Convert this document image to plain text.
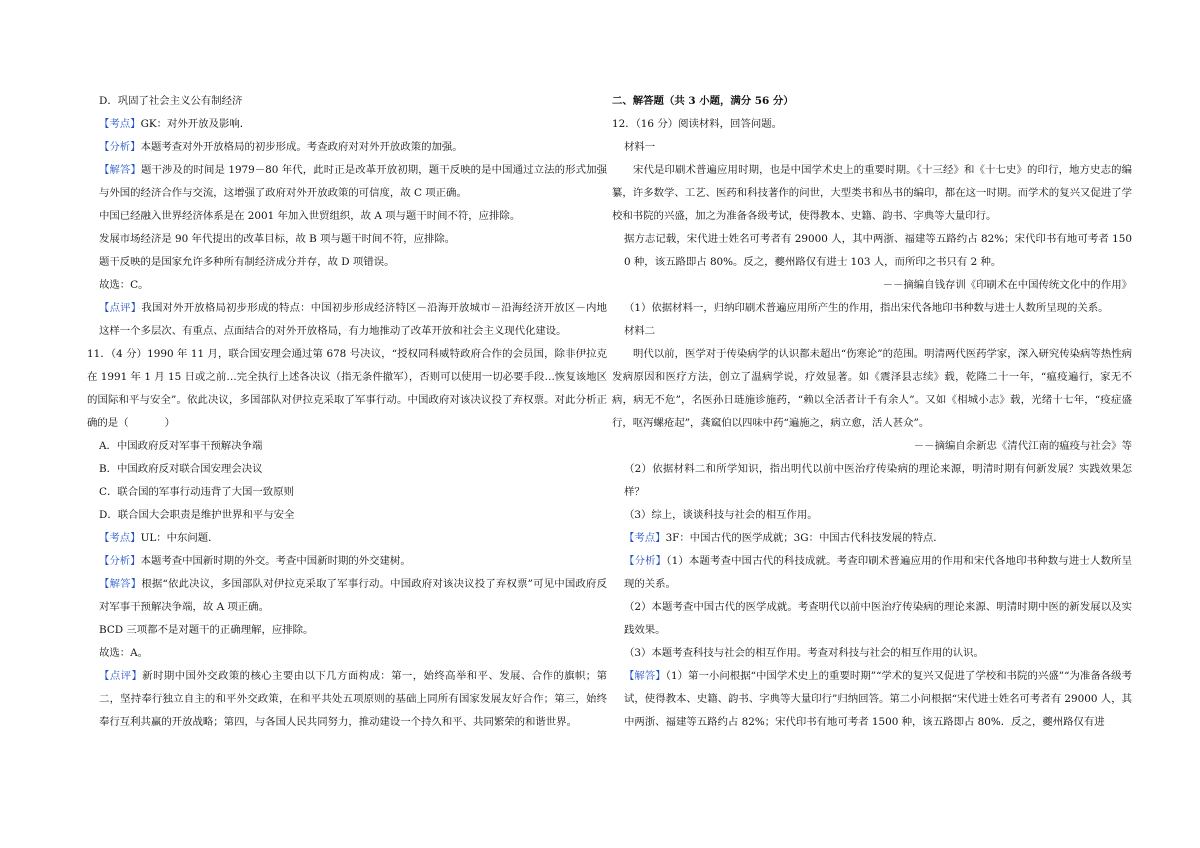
D．巩固了社会主义公有制经济

【考点】GK：对外开放及影响．

【分析】本题考查对外开放格局的初步形成。考查政府对对外开放政策的加强。

【解答】题干涉及的时间是 1979－80 年代，此时正是改革开放初期，题干反映的是中国通过立法的形式加强与外国的经济合作与交流，这增强了政府对外开放政策的可信度，故 C 项正确。

中国已经融入世界经济体系是在 2001 年加入世贸组织，故 A 项与题干时间不符，应排除。

发展市场经济是 90 年代提出的改革目标，故 B 项与题干时间不符，应排除。

题干反映的是国家允许多种所有制经济成分并存，故 D 项错误。

故选：C。

【点评】我国对外开放格局初步形成的特点：中国初步形成经济特区－沿海开放城市－沿海经济开放区－内地这样一个多层次、有重点、点面结合的对外开放格局，有力地推动了改革开放和社会主义现代化建设。

11．（4 分）1990 年 11 月，联合国安理会通过第 678 号决议，“授权同科威特政府合作的会员国，除非伊拉克在 1991 年 1 月 15 日或之前…完全执行上述各决议（指无条件撤军），否则可以使用一切必要手段…恢复该地区的国际和平与安全”。依此决议，多国部队对伊拉克采取了军事行动。中国政府对该决议投了弃权票。对此分析正确的是（	）

A．中国政府反对军事干预解决争端

B．中国政府反对联合国安理会决议

C．联合国的军事行动违背了大国一致原则

D．联合国大会职责是维护世界和平与安全

【考点】UL：中东问题．

【分析】本题考查中国新时期的外交。考查中国新时期的外交建树。

【解答】根据“依此决议，多国部队对伊拉克采取了军事行动。中国政府对该决议投了弃权票”可见中国政府反对军事干预解决争端，故 A 项正确。

BCD 三项都不是对题干的正确理解，应排除。

故选：A。

【点评】新时期中国外交政策的核心主要由以下几方面构成：第一，始终高举和平、发展、合作的旗帜；第二，坚持奉行独立自主的和平外交政策，在和平共处五项原则的基础上同所有国家发展友好合作；第三，始终奉行互利共赢的开放战略；第四，与各国人民共同努力，推动建设一个持久和平、共同繁荣的和谐世界。

二、解答题（共 3 小题，满分 56 分）

12．（16 分）阅读材料，回答问题。

材料一

宋代是印刷术普遍应用时期，也是中国学术史上的重要时期。《十三经》和《十七史》的印行，地方史志的编纂，许多数学、工艺、医药和科技著作的问世，大型类书和丛书的编印，都在这一时期。而学术的复兴又促进了学校和书院的兴盛，加之为准备各级考试，使得教本、史籍、韵书、字典等大量印行。

据方志记载，宋代进士姓名可考者有 29000 人，其中两浙、福建等五路约占 82%；宋代印书有地可考者 1500 种，该五路即占 80%。反之，夔州路仅有进士 103 人，而所印之书只有 2 种。

－－摘编自钱存训《印刷术在中国传统文化中的作用》

（1）依据材料一，归纳印刷术普遍应用所产生的作用，指出宋代各地印书种数与进士人数所呈现的关系。

材料二

明代以前，医学对于传染病学的认识都未超出“伤寒论”的范围。明清两代医药学家，深入研究传染病等热性病发病原因和医疗方法，创立了温病学说，疗效显著。如《震泽县志续》载，乾隆二十一年，“瘟疫遍行，家无不病，病无不危”，名医孙日琏施诊施药，“赖以全活者计千有余人”。又如《相城小志》载，光绪十七年，“疫症盛行，呕泻螺疮起”，龚窳伯以四味中药“遍施之，病立愈，活人甚众”。

－－摘编自余新忠《清代江南的瘟疫与社会》等

（2）依据材料二和所学知识，指出明代以前中医治疗传染病的理论来源，明清时期有何新发展？实践效果怎样？

（3）综上，谈谈科技与社会的相互作用。

【考点】3F：中国古代的医学成就；3G：中国古代科技发展的特点．

【分析】（1）本题考查中国古代的科技成就。考查印刷术普遍应用的作用和宋代各地印书种数与进士人数所呈现的关系。

（2）本题考查中国古代的医学成就。考查明代以前中医治疗传染病的理论来源、明清时期中医的新发展以及实践效果。

（3）本题考查科技与社会的相互作用。考查对科技与社会的相互作用的认识。

【解答】（1）第一小问根据“中国学术史上的重要时期”“学术的复兴又促进了学校和书院的兴盛”“为准备各级考试，使得教本、史籍、韵书、字典等大量印行”归纳回答。第二小问根据“宋代进士姓名可考者有 29000 人，其中两浙、福建等五路约占 82%；宋代印书有地可考者 1500 种，该五路即占 80%．反之，夔州路仅有进
